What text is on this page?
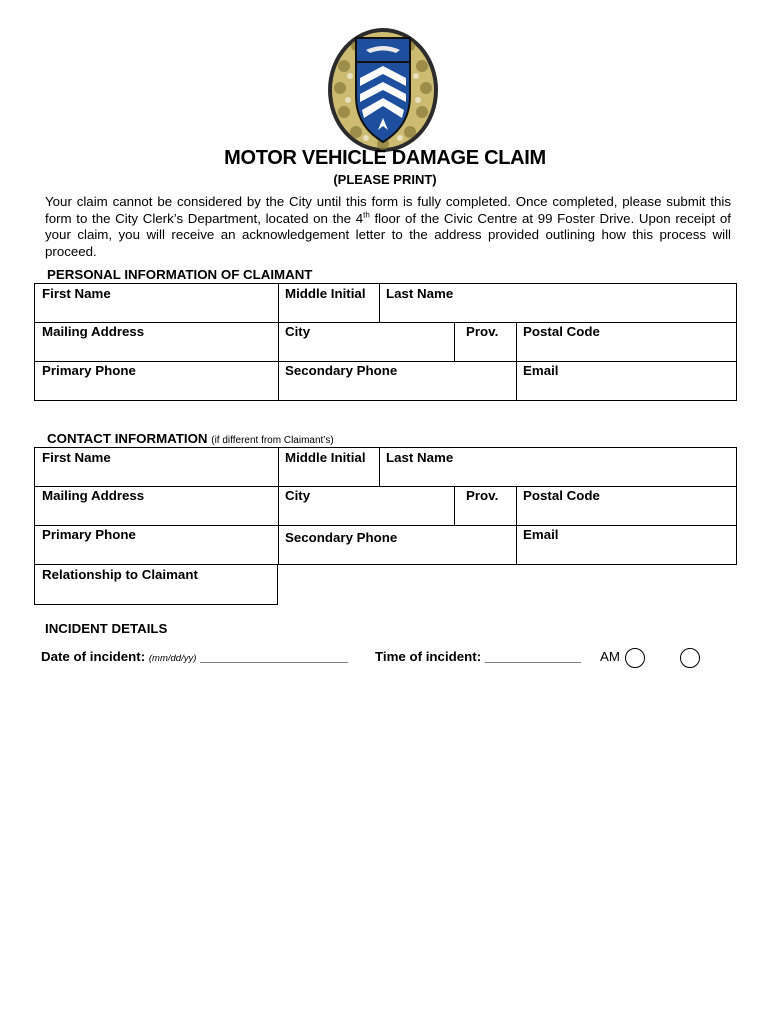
MOTOR VEHICLE DAMAGE CLAIM
(PLEASE PRINT)
Your claim cannot be considered by the City until this form is fully completed. Once completed, please submit this form to the City Clerk’s Department, located on the 4th floor of the Civic Centre at 99 Foster Drive. Upon receipt of your claim, you will receive an acknowledgement letter to the address provided outlining how this process will proceed.
PERSONAL INFORMATION OF CLAIMANT
First Name	Middle Initial	Last Name
Mailing Address	City	Prov.	Postal Code
Primary Phone	Secondary Phone	Email
CONTACT INFORMATION (if different from Claimant’s)
First Name	Middle Initial	Last Name
Mailing Address	City	Prov.	Postal Code
Primary Phone	Secondary Phone	Email
Relationship to Claimant
INCIDENT DETAILS
Date of incident: (mm/dd/yy) ____________________ Time of incident: _____________ AM
